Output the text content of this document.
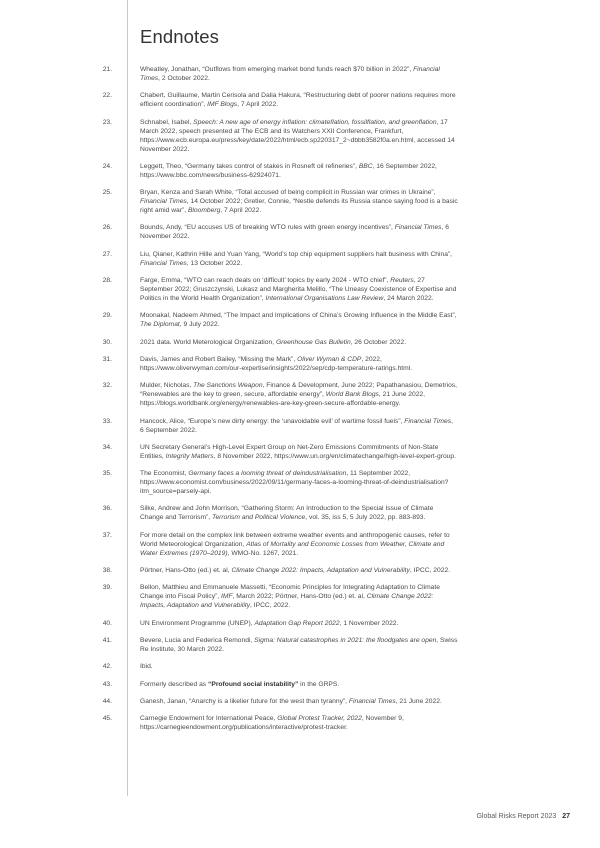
Endnotes
21.	Wheatley, Jonathan, “Outflows from emerging market bond funds reach $70 billion in 2022”, Financial Times, 2 October 2022.
22.	Chabert, Guillaume, Martin Cerisola and Dalia Hakura, “Restructuring debt of poorer nations requires more efficient coordination”, IMF Blogs, 7 April 2022.
23.	Schnabel, Isabel, Speech: A new age of energy inflation: climateflation, fossilflation, and greenflation, 17 March 2022, speech presented at The ECB and its Watchers XXII Conference, Frankfurt, https://www.ecb.europa.eu/press/key/date/2022/html/ecb.sp220317_2~dbbb3582f0a.en.html, accessed 14 November 2022.
24.	Leggett, Theo, “Germany takes control of stakes in Rosneft oil refineries”, BBC, 16 September 2022, https://www.bbc.com/news/business-62924071.
25.	Bryan, Kenza and Sarah White, “Total accused of being complicit in Russian war crimes in Ukraine”, Financial Times, 14 October 2022; Gretler, Connie, “Nestle defends its Russia stance saying food is a basic right amid war”, Bloomberg, 7 April 2022.
26.	Bounds, Andy, “EU accuses US of breaking WTO rules with green energy incentives”, Financial Times, 6 November 2022.
27.	Liu, Qianer, Kathrin Hille and Yuan Yang, “World’s top chip equipment suppliers halt business with China”, Financial Times, 13 October 2022.
28.	Farge, Emma, “WTO can reach deals on ‘difficult’ topics by early 2024 - WTO chief”, Reuters, 27 September 2022; Gruszczynski, Lukasz and Margherita Melillo, “The Uneasy Coexistence of Expertise and Politics in the World Health Organization”, International Organisations Law Review, 24 March 2022.
29.	Moonakal, Nadeem Ahmed, “The Impact and Implications of China’s Growing Influence in the Middle East”, The Diplomat, 9 July 2022.
30.	2021 data. World Meterological Organization, Greenhouse Gas Bulletin, 26 October 2022.
31.	Davis, James and Robert Bailey, “Missing the Mark”, Oliver Wyman & CDP, 2022, https://www.oliverwyman.com/our-expertise/insights/2022/sep/cdp-temperature-ratings.html.
32.	Mulder, Nicholas, The Sanctions Weapon, Finance & Development, June 2022; Papathanasiou, Demetrios, “Renewables are the key to green, secure, affordable energy”, World Bank Blogs, 21 June 2022, https://blogs.worldbank.org/energy/renewables-are-key-green-secure-affordable-energy.
33.	Hancock, Alice, “Europe’s new dirty energy: the ‘unavoidable evil’ of wartime fossil fuels”, Financial Times, 6 September 2022.
34.	UN Secretary General’s High-Level Expert Group on Net-Zero Emissions Commitments of Non-State Entities, Integrity Matters, 8 November 2022, https://www.un.org/en/climatechange/high-level-expert-group.
35.	The Economist, Germany faces a looming threat of deindustrialisation, 11 September 2022, https://www.economist.com/business/2022/09/11/germany-faces-a-looming-threat-of-deindustrialisation?itm_source=parsely-api.
36.	Silke, Andrew and John Morrison, “Gathering Storm: An Introduction to the Special Issue of Climate Change and Terrorism”, Terrorism and Political Violence, vol. 35, iss 5, 5 July 2022, pp. 883-893.
37.	For more detail on the complex link between extreme weather events and anthropogenic causes, refer to World Meteorological Organization, Atlas of Mortality and Economic Losses from Weather, Climate and Water Extremes (1970–2019), WMO-No. 1267, 2021.
38.	Pörtner, Hans-Otto (ed.) et. al, Climate Change 2022: Impacts, Adaptation and Vulnerability, IPCC, 2022.
39.	Bellon, Matthieu and Emmanuele Massetti, “Economic Principles for Integrating Adaptation to Climate Change into Fiscal Policy”, IMF, March 2022; Pörtner, Hans-Otto (ed.) et. al, Climate Change 2022: Impacts, Adaptation and Vulnerability, IPCC, 2022.
40.	UN Environment Programme (UNEP), Adaptation Gap Report 2022, 1 November 2022.
41.	Bevere, Lucia and Federica Remondi, Sigma: Natural catastrophes in 2021: the floodgates are open, Swiss Re Institute, 30 March 2022.
42.	Ibid.
43.	Formerly described as “Profound social instability” in the GRPS.
44.	Ganesh, Janan, “Anarchy is a likelier future for the west than tyranny”, Financial Times, 21 June 2022.
45.	Carnegie Endowment for International Peace, Global Protest Tracker, 2022, November 9, https://carnegieendowment.org/publications/interactive/protest-tracker.
Global Risks Report 2023 27
